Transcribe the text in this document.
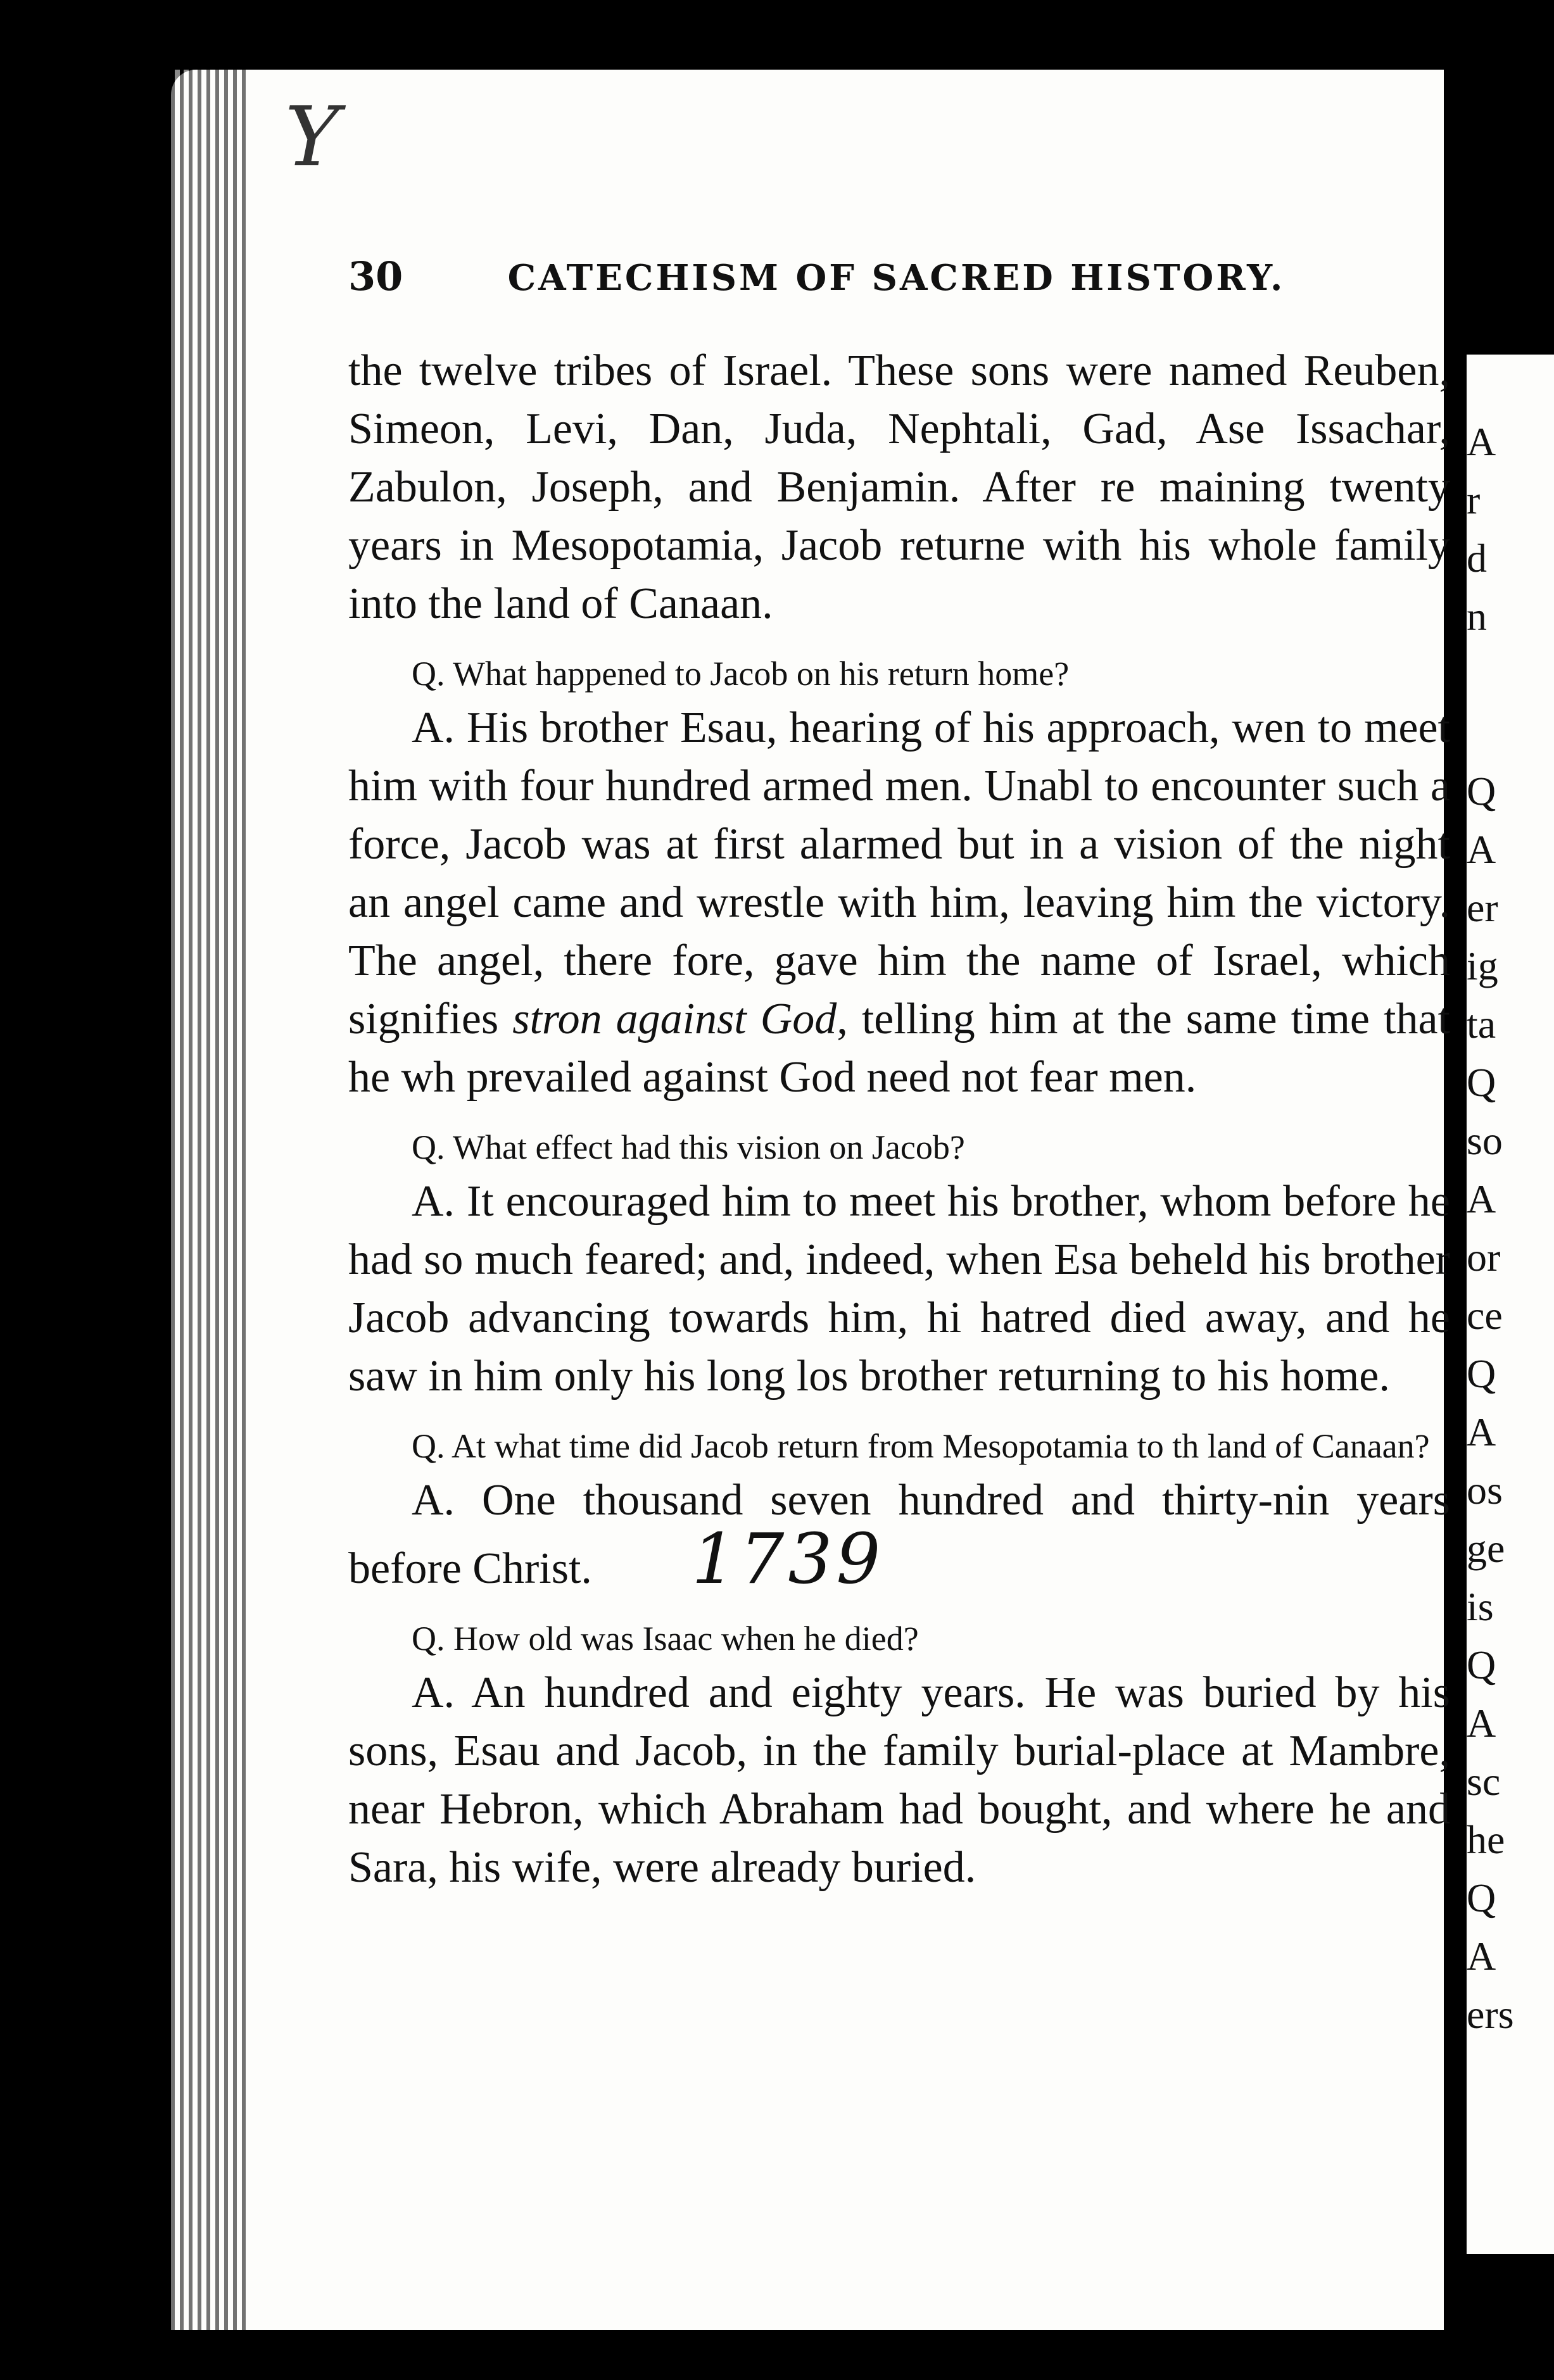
Y
30	CATECHISM OF SACRED HISTORY.

the twelve tribes of Israel. These sons were named Reuben, Simeon, Levi, Dan, Juda, Nephtali, Gad, Ase Issachar, Zabulon, Joseph, and Benjamin. After re maining twenty years in Mesopotamia, Jacob returne with his whole family into the land of Canaan.

Q. What happened to Jacob on his return home?

A. His brother Esau, hearing of his approach, wen to meet him with four hundred armed men. Unabl to encounter such a force, Jacob was at first alarmed but in a vision of the night an angel came and wrestle with him, leaving him the victory. The angel, there fore, gave him the name of Israel, which signifies stron against God, telling him at the same time that he wh prevailed against God need not fear men.

Q. What effect had this vision on Jacob?

A. It encouraged him to meet his brother, whom before he had so much feared; and, indeed, when Esa beheld his brother Jacob advancing towards him, hi hatred died away, and he saw in him only his long los brother returning to his home.

Q. At what time did Jacob return from Mesopotamia to th land of Canaan?

A. One thousand seven hundred and thirty-nin years before Christ. 1739

Q. How old was Isaac when he died?

A. An hundred and eighty years. He was buried by his sons, Esau and Jacob, in the family burial-place at Mambre, near Hebron, which Abraham had bought, and where he and Sara, his wife, were already buried.

A
r
d
n
Q
A
er
ig
ta
Q
so
A
or
ce
Q
A
os
ge
is
Q
A
sc
he
Q
A
ers
